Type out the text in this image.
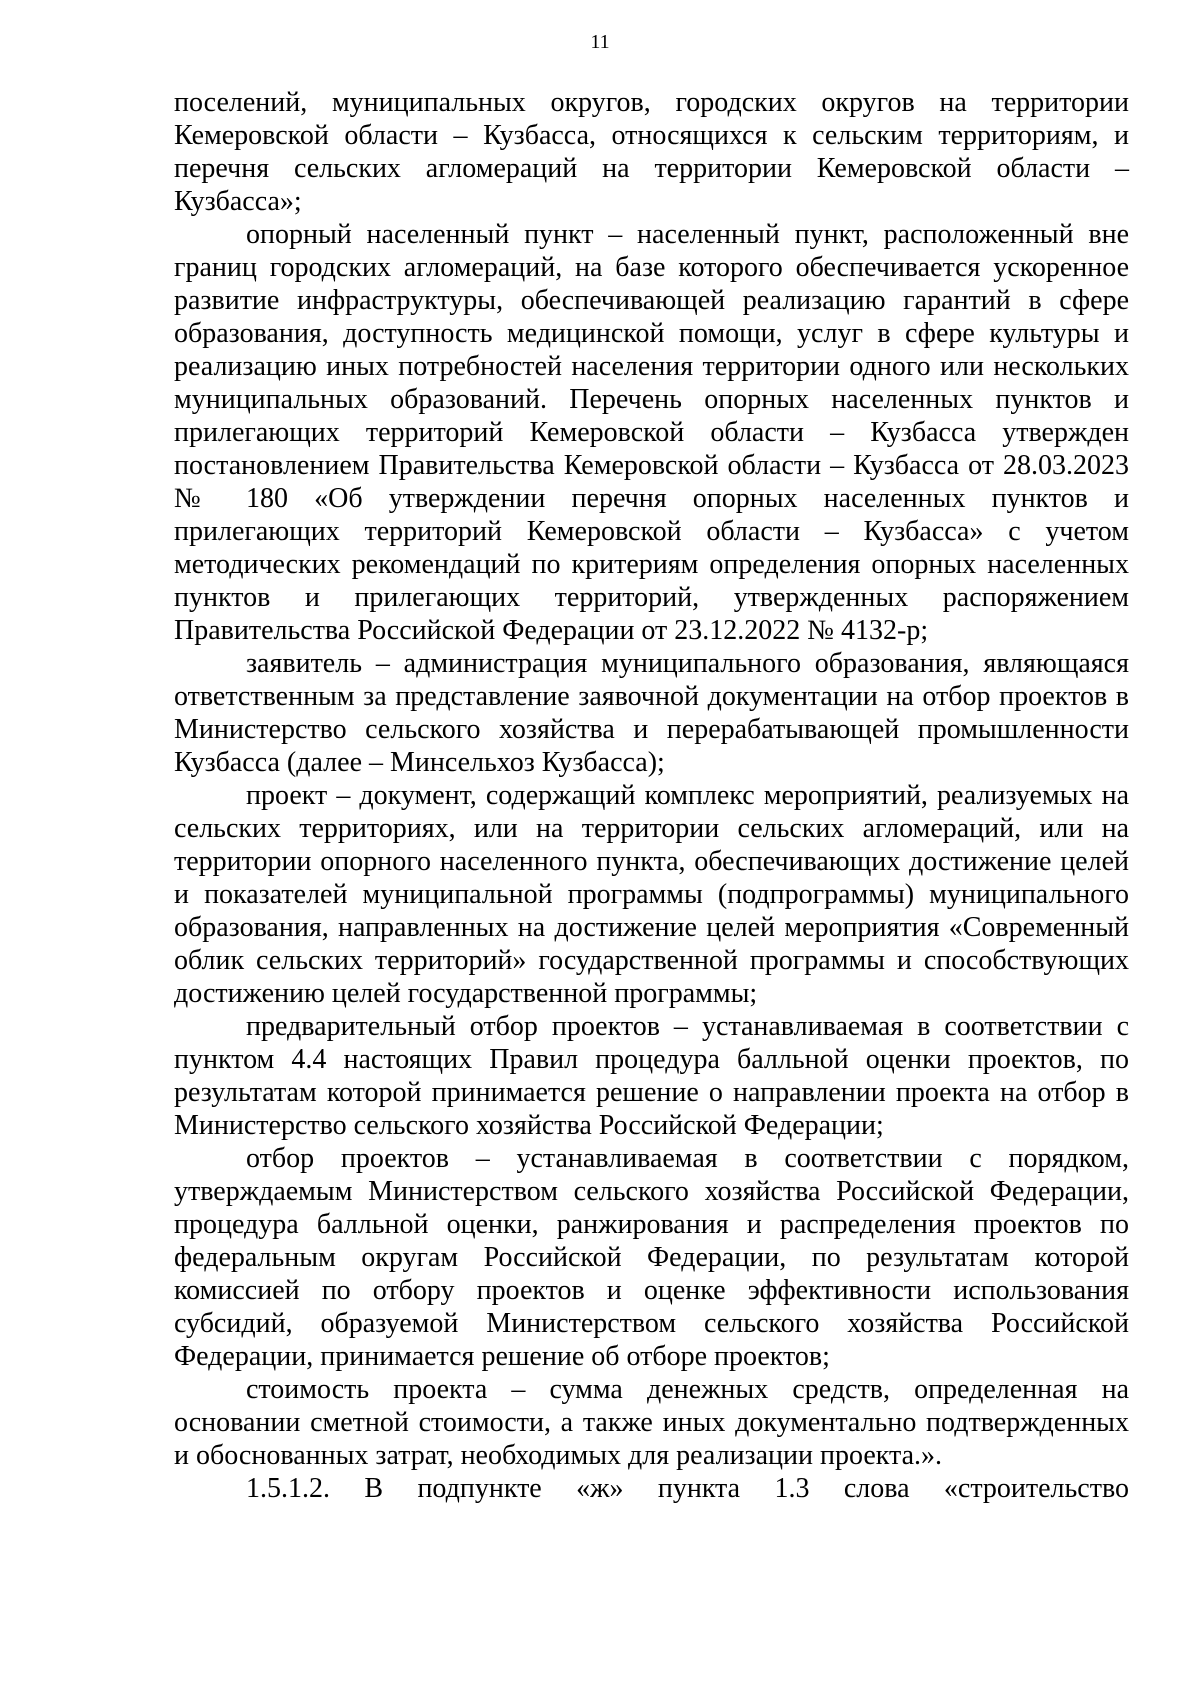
11

поселений, муниципальных округов, городских округов на территории Кемеровской области – Кузбасса, относящихся к сельским территориям, и перечня сельских агломераций на территории Кемеровской области – Кузбасса»;

опорный населенный пункт – населенный пункт, расположенный вне границ городских агломераций, на базе которого обеспечивается ускоренное развитие инфраструктуры, обеспечивающей реализацию гарантий в сфере образования, доступность медицинской помощи, услуг в сфере культуры и реализацию иных потребностей населения территории одного или нескольких муниципальных образований. Перечень опорных населенных пунктов и прилегающих территорий Кемеровской области – Кузбасса утвержден постановлением Правительства Кемеровской области – Кузбасса от 28.03.2023 № 180 «Об утверждении перечня опорных населенных пунктов и прилегающих территорий Кемеровской области – Кузбасса» с учетом методических рекомендаций по критериям определения опорных населенных пунктов и прилегающих территорий, утвержденных распоряжением Правительства Российской Федерации от 23.12.2022 № 4132-р;

заявитель – администрация муниципального образования, являющаяся ответственным за представление заявочной документации на отбор проектов в Министерство сельского хозяйства и перерабатывающей промышленности Кузбасса (далее – Минсельхоз Кузбасса);

проект – документ, содержащий комплекс мероприятий, реализуемых на сельских территориях, или на территории сельских агломераций, или на территории опорного населенного пункта, обеспечивающих достижение целей и показателей муниципальной программы (подпрограммы) муниципального образования, направленных на достижение целей мероприятия «Современный облик сельских территорий» государственной программы и способствующих достижению целей государственной программы;

предварительный отбор проектов – устанавливаемая в соответствии с пунктом 4.4 настоящих Правил процедура балльной оценки проектов, по результатам которой принимается решение о направлении проекта на отбор в Министерство сельского хозяйства Российской Федерации;

отбор проектов – устанавливаемая в соответствии с порядком, утверждаемым Министерством сельского хозяйства Российской Федерации, процедура балльной оценки, ранжирования и распределения проектов по федеральным округам Российской Федерации, по результатам которой комиссией по отбору проектов и оценке эффективности использования субсидий, образуемой Министерством сельского хозяйства Российской Федерации, принимается решение об отборе проектов;

стоимость проекта – сумма денежных средств, определенная на основании сметной стоимости, а также иных документально подтвержденных и обоснованных затрат, необходимых для реализации проекта.».

1.5.1.2. В подпункте «ж» пункта 1.3 слова «строительство
